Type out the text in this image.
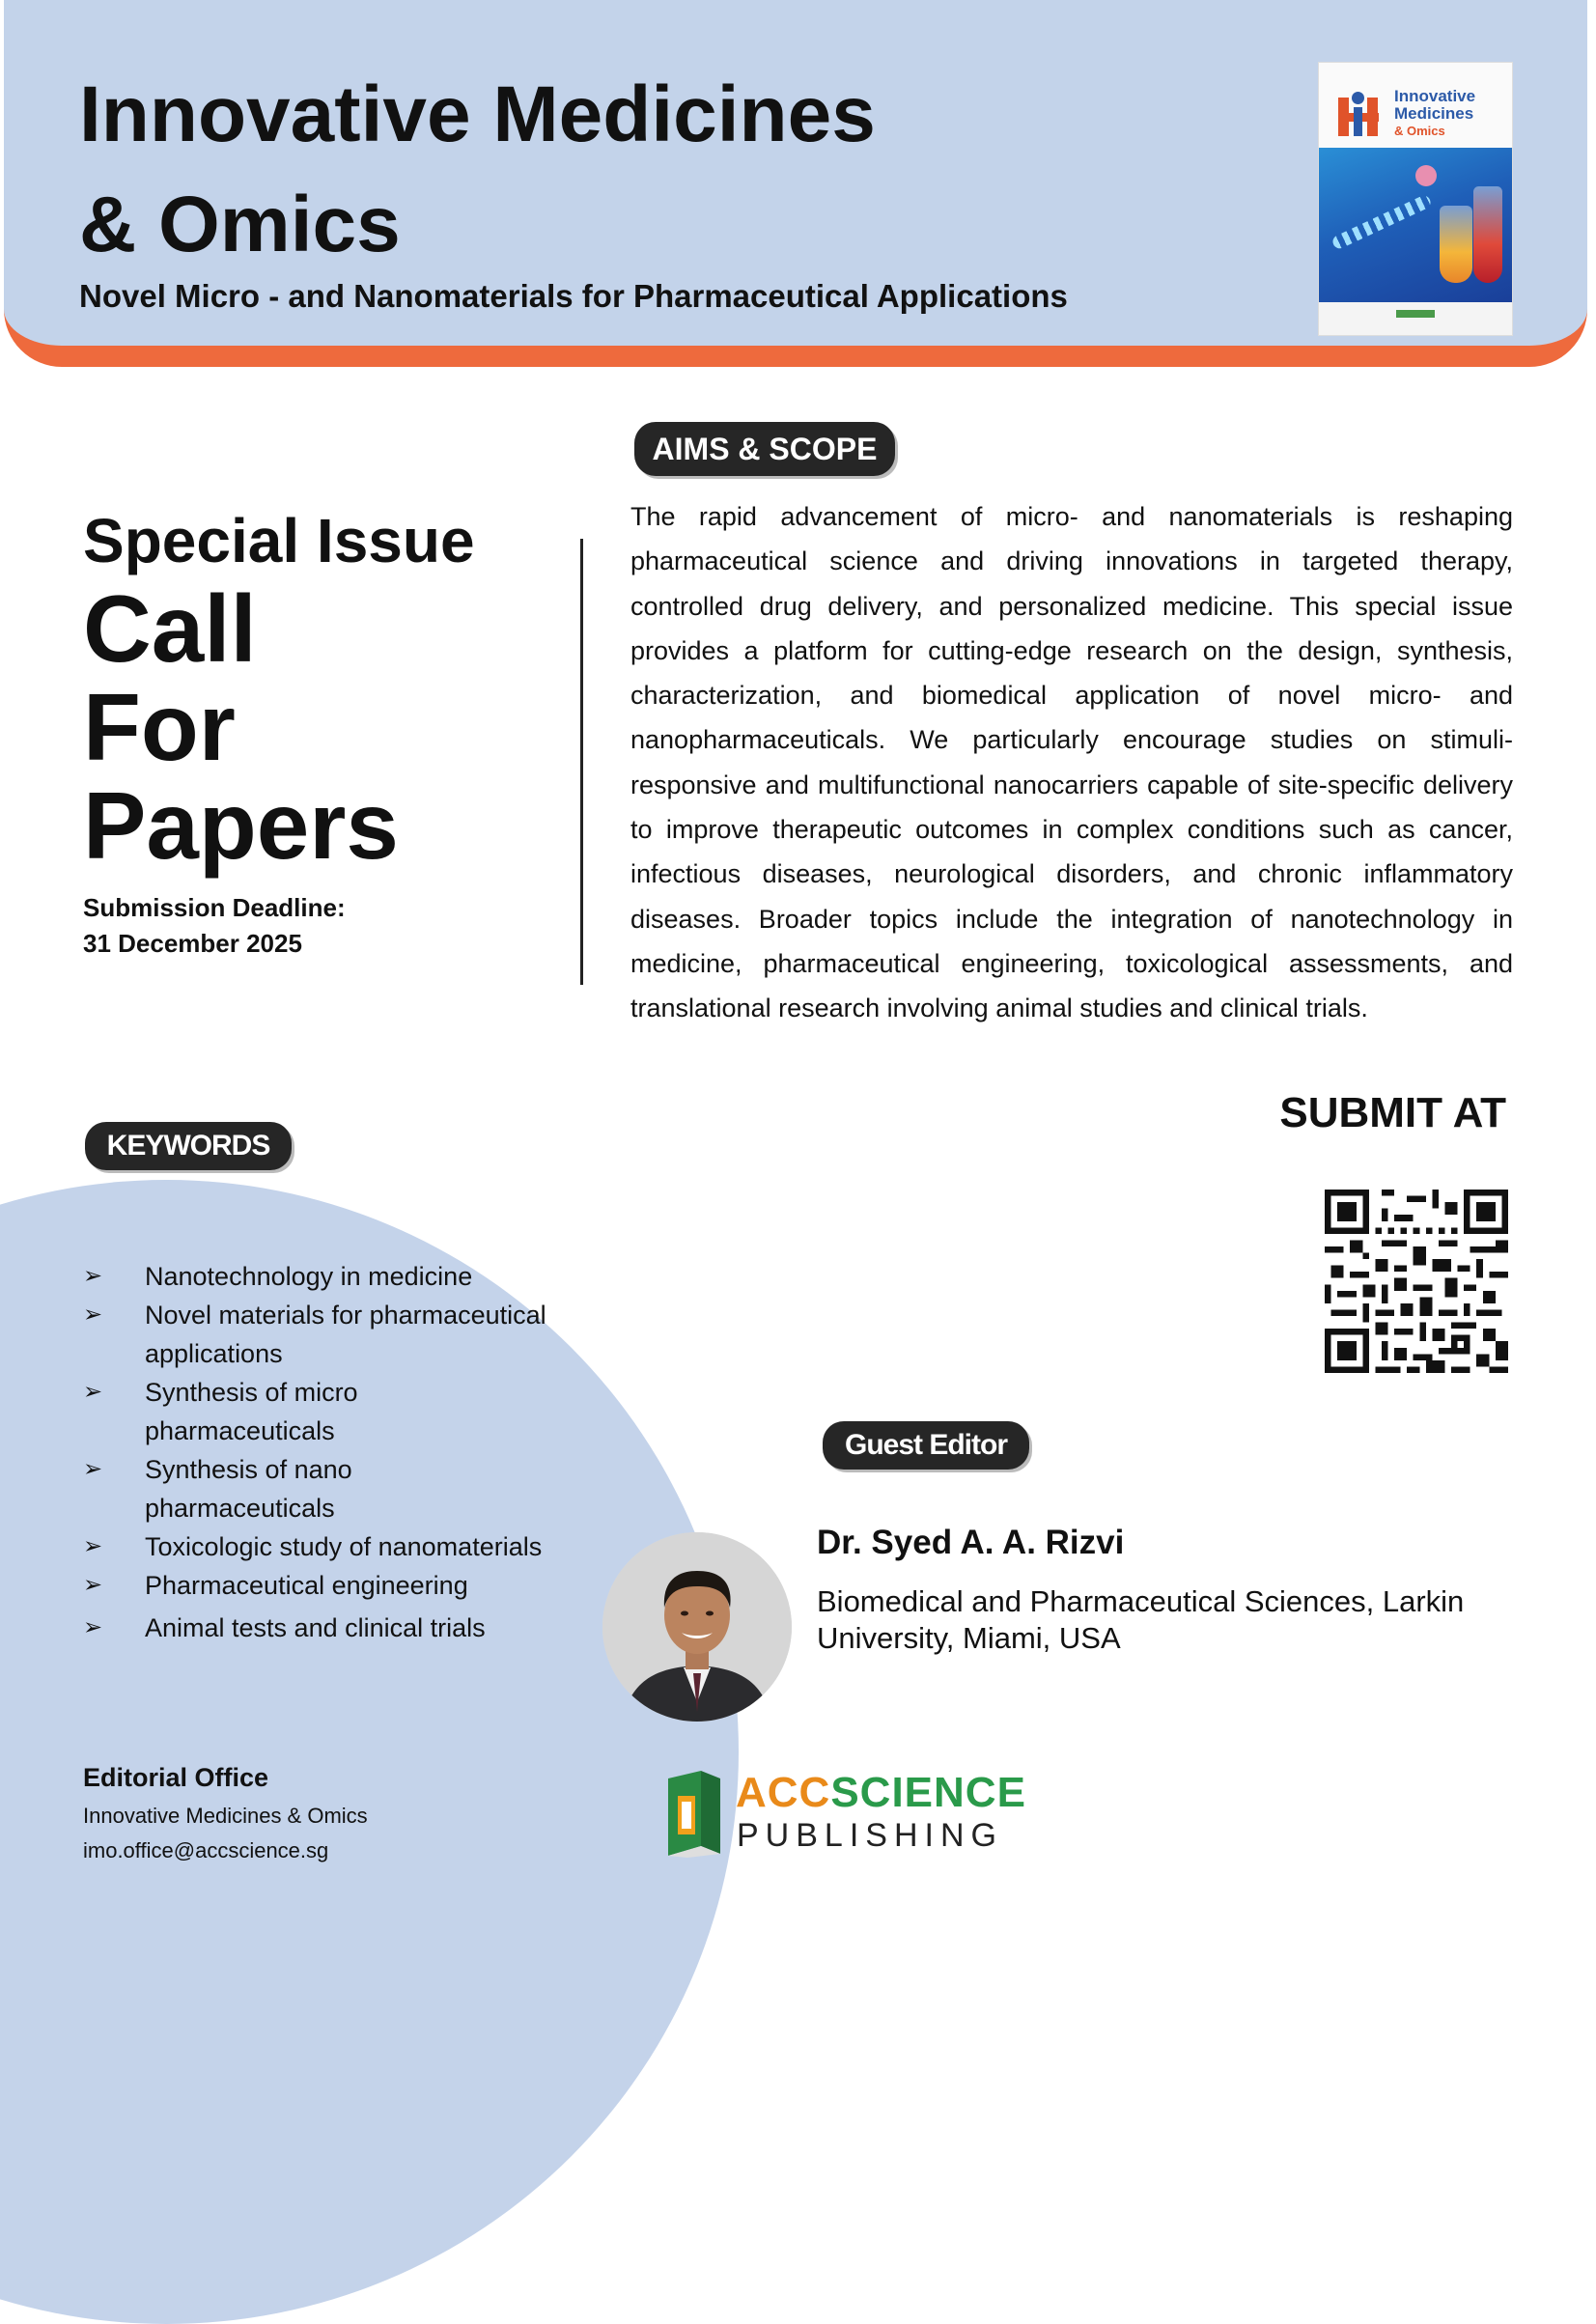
Innovative Medicines
& Omics
Novel Micro - and Nanomaterials for Pharmaceutical Applications
Innovative
Medicines
& Omics
AIMS & SCOPE
The rapid advancement of micro- and nanomaterials is reshaping pharmaceutical science and driving innovations in targeted therapy, controlled drug delivery, and personalized medicine. This special issue provides a platform for cutting-edge research on the design, synthesis, characterization, and biomedical application of novel micro- and nanopharmaceuticals. We particularly encourage studies on stimuli-responsive and multifunctional nanocarriers capable of site-specific delivery to improve therapeutic outcomes in complex conditions such as cancer, infectious diseases, neurological disorders, and chronic inflammatory diseases. Broader topics include the integration of nanotechnology in medicine, pharmaceutical engineering, toxicological assessments, and translational research involving animal studies and clinical trials.
Special Issue
Call
For
Papers
Submission Deadline:
31 December 2025
SUBMIT AT
KEYWORDS
➢ Nanotechnology in medicine
➢ Novel materials for pharmaceutical applications
➢ Synthesis of micro pharmaceuticals
➢ Synthesis of nano pharmaceuticals
➢ Toxicologic study of nanomaterials
➢ Pharmaceutical engineering
➢ Animal tests and clinical trials
Guest Editor
Dr. Syed A. A. Rizvi
Biomedical and Pharmaceutical Sciences, Larkin University, Miami, USA
Editorial Office
Innovative Medicines & Omics
imo.office@accscience.sg
ACCSCIENCE
PUBLISHING
